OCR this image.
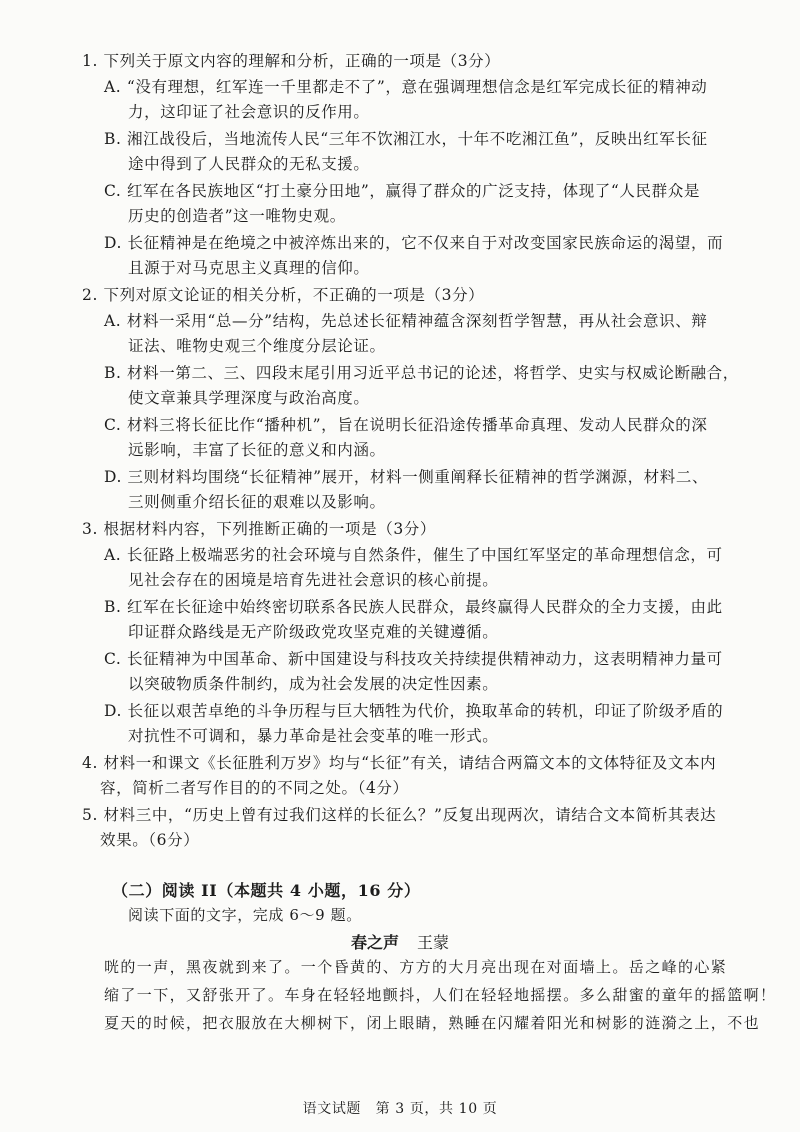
1. 下列关于原文内容的理解和分析，正确的一项是（3分）
A. “没有理想，红军连一千里都走不了”，意在强调理想信念是红军完成长征的精神动
力，这印证了社会意识的反作用。
B. 湘江战役后，当地流传人民“三年不饮湘江水，十年不吃湘江鱼”，反映出红军长征
途中得到了人民群众的无私支援。
C. 红军在各民族地区“打土豪分田地”，赢得了群众的广泛支持，体现了“人民群众是
历史的创造者”这一唯物史观。
D. 长征精神是在绝境之中被淬炼出来的，它不仅来自于对改变国家民族命运的渴望，而
且源于对马克思主义真理的信仰。
2. 下列对原文论证的相关分析，不正确的一项是（3分）
A. 材料一采用“总—分”结构，先总述长征精神蕴含深刻哲学智慧，再从社会意识、辩
证法、唯物史观三个维度分层论证。
B. 材料一第二、三、四段末尾引用习近平总书记的论述，将哲学、史实与权威论断融合，
使文章兼具学理深度与政治高度。
C. 材料三将长征比作“播种机”，旨在说明长征沿途传播革命真理、发动人民群众的深
远影响，丰富了长征的意义和内涵。
D. 三则材料均围绕“长征精神”展开，材料一侧重阐释长征精神的哲学渊源，材料二、
三则侧重介绍长征的艰难以及影响。
3. 根据材料内容，下列推断正确的一项是（3分）
A. 长征路上极端恶劣的社会环境与自然条件，催生了中国红军坚定的革命理想信念，可
见社会存在的困境是培育先进社会意识的核心前提。
B. 红军在长征途中始终密切联系各民族人民群众，最终赢得人民群众的全力支援，由此
印证群众路线是无产阶级政党攻坚克难的关键遵循。
C. 长征精神为中国革命、新中国建设与科技攻关持续提供精神动力，这表明精神力量可
以突破物质条件制约，成为社会发展的决定性因素。
D. 长征以艰苦卓绝的斗争历程与巨大牺牲为代价，换取革命的转机，印证了阶级矛盾的
对抗性不可调和，暴力革命是社会变革的唯一形式。
4. 材料一和课文《长征胜利万岁》均与“长征”有关，请结合两篇文本的文体特征及文本内
容，简析二者写作目的的不同之处。（4分）
5. 材料三中，“历史上曾有过我们这样的长征么？”反复出现两次，请结合文本简析其表达
效果。（6分）
（二）阅读 II（本题共 4 小题，16 分）
阅读下面的文字，完成 6～9 题。
春之声 王蒙
咣的一声，黑夜就到来了。一个昏黄的、方方的大月亮出现在对面墙上。岳之峰的心紧
缩了一下，又舒张开了。车身在轻轻地颤抖，人们在轻轻地摇摆。多么甜蜜的童年的摇篮啊！
夏天的时候，把衣服放在大柳树下，闭上眼睛，熟睡在闪耀着阳光和树影的涟漪之上，不也
语文试题　第 3 页，共 10 页
